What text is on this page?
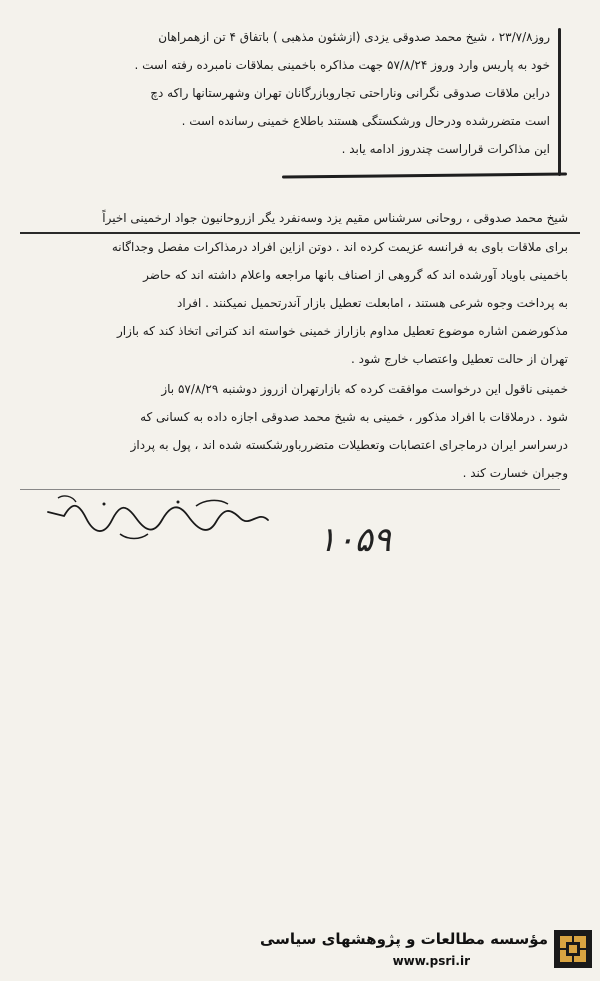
روز۲۳/۷/۸ ، شیخ محمد صدوقی یزدی (ازشئون مذهبی ) باتفاق ۴ تن ازهمراهان
خود به پاریس وارد وروز ۵۷/۸/۲۴ جهت مذاکره باخمینی بملاقات نامبرده رفته است .
دراین ملاقات صدوقی نگرانی وناراحتی تجاروبازرگانان تهران وشهرستانها راکه دچ
است متضررشده ودرحال ورشکستگی هستند باطلاع خمینی رسانده است .
این مذاکرات قراراست چندروز ادامه یابد .
شیخ محمد صدوقی ، روحانی سرشناس مقیم یزد وسه‌نفرد یگر ازروحانیون جواد ارخمینی اخیراً
برای ملاقات باوی به فرانسه عزیمت کرده اند . دوتن ازاین افراد درمذاکرات مفصل وجداگانه
باخمینی باویاد آورشده اند که گروهی از اصناف بانها مراجعه واعلام داشته اند که حاضر
به پرداخت وجوه شرعی هستند ، امابعلت تعطیل بازار آندرتحمیل نمیکنند . افراد
مذکورضمن اشاره موضوع تعطیل مداوم بازاراز خمینی خواسته اند کتراتی اتخاذ کند که بازار
تهران از حالت تعطیل واعتصاب خارج شود .
خمینی ناقول این درخواست موافقت کرده که بازارتهران ازروز دوشنبه ۵۷/۸/۲۹ باز
شود . درملاقات با افراد مذکور ، خمینی به شیخ محمد صدوقی اجازه داده به کسانی که
درسراسر ایران درماجرای اعتصابات وتعطیلات متضررباورشکسته شده اند ، پول به پرداز
وجبران خسارت کند .
۱۰۵۹
مؤسسه مطالعات و پژوهشهای سیاسی
www.psri.ir
